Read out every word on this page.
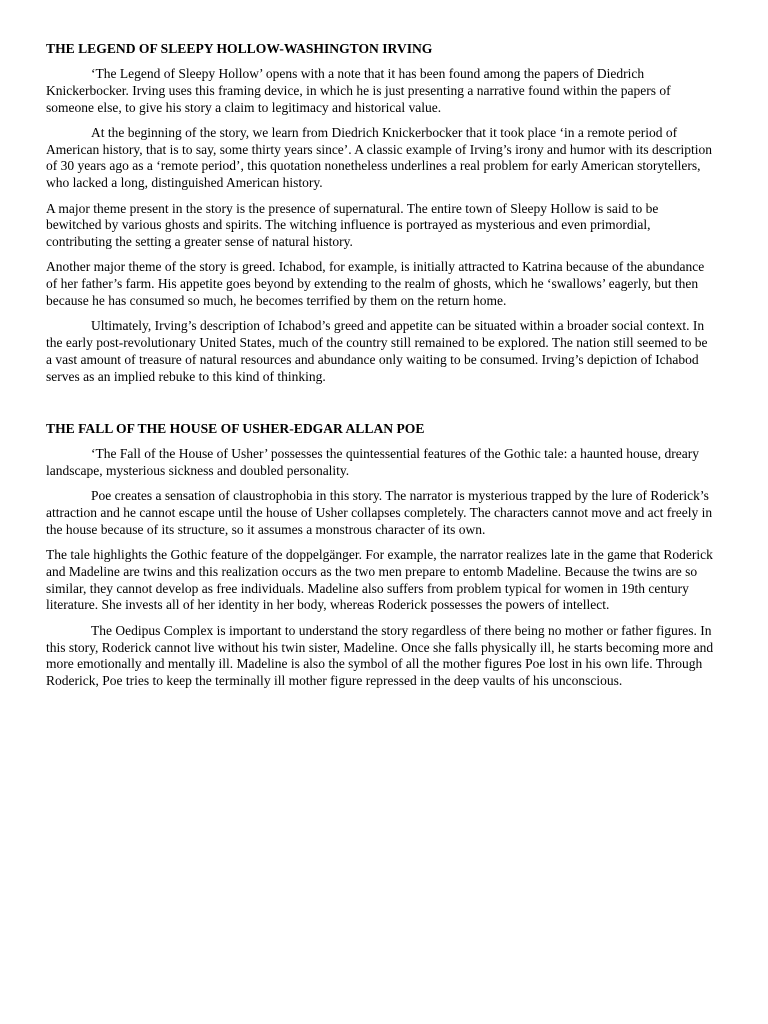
THE LEGEND OF SLEEPY HOLLOW-WASHINGTON IRVING

‘The Legend of Sleepy Hollow’ opens with a note that it has been found among the papers of Diedrich Knickerbocker. Irving uses this framing device, in which he is just presenting a narrative found within the papers of someone else, to give his story a claim to legitimacy and historical value.

At the beginning of the story, we learn from Diedrich Knickerbocker that it took place ‘in a remote period of American history, that is to say, some thirty years since’. A classic example of Irving’s irony and humor with its description of 30 years ago as a ‘remote period’, this quotation nonetheless underlines a real problem for early American storytellers, who lacked a long, distinguished American history.

A major theme present in the story is the presence of supernatural. The entire town of Sleepy Hollow is said to be bewitched by various ghosts and spirits. The witching influence is portrayed as mysterious and even primordial, contributing the setting a greater sense of natural history.

Another major theme of the story is greed. Ichabod, for example, is initially attracted to Katrina because of the abundance of her father’s farm. His appetite goes beyond by extending to the realm of ghosts, which he ‘swallows’ eagerly, but then because he has consumed so much, he becomes terrified by them on the return home.

Ultimately, Irving’s description of Ichabod’s greed and appetite can be situated within a broader social context. In the early post-revolutionary United States, much of the country still remained to be explored. The nation still seemed to be a vast amount of treasure of natural resources and abundance only waiting to be consumed. Irving’s depiction of Ichabod serves as an implied rebuke to this kind of thinking.

THE FALL OF THE HOUSE OF USHER-EDGAR ALLAN POE

‘The Fall of the House of Usher’ possesses the quintessential features of the Gothic tale: a haunted house, dreary landscape, mysterious sickness and doubled personality.

Poe creates a sensation of claustrophobia in this story. The narrator is mysterious trapped by the lure of Roderick’s attraction and he cannot escape until the house of Usher collapses completely. The characters cannot move and act freely in the house because of its structure, so it assumes a monstrous character of its own.

The tale highlights the Gothic feature of the doppelgänger. For example, the narrator realizes late in the game that Roderick and Madeline are twins and this realization occurs as the two men prepare to entomb Madeline. Because the twins are so similar, they cannot develop as free individuals. Madeline also suffers from problem typical for women in 19th century literature. She invests all of her identity in her body, whereas Roderick possesses the powers of intellect.

The Oedipus Complex is important to understand the story regardless of there being no mother or father figures. In this story, Roderick cannot live without his twin sister, Madeline. Once she falls physically ill, he starts becoming more and more emotionally and mentally ill. Madeline is also the symbol of all the mother figures Poe lost in his own life. Through Roderick, Poe tries to keep the terminally ill mother figure repressed in the deep vaults of his unconscious.
